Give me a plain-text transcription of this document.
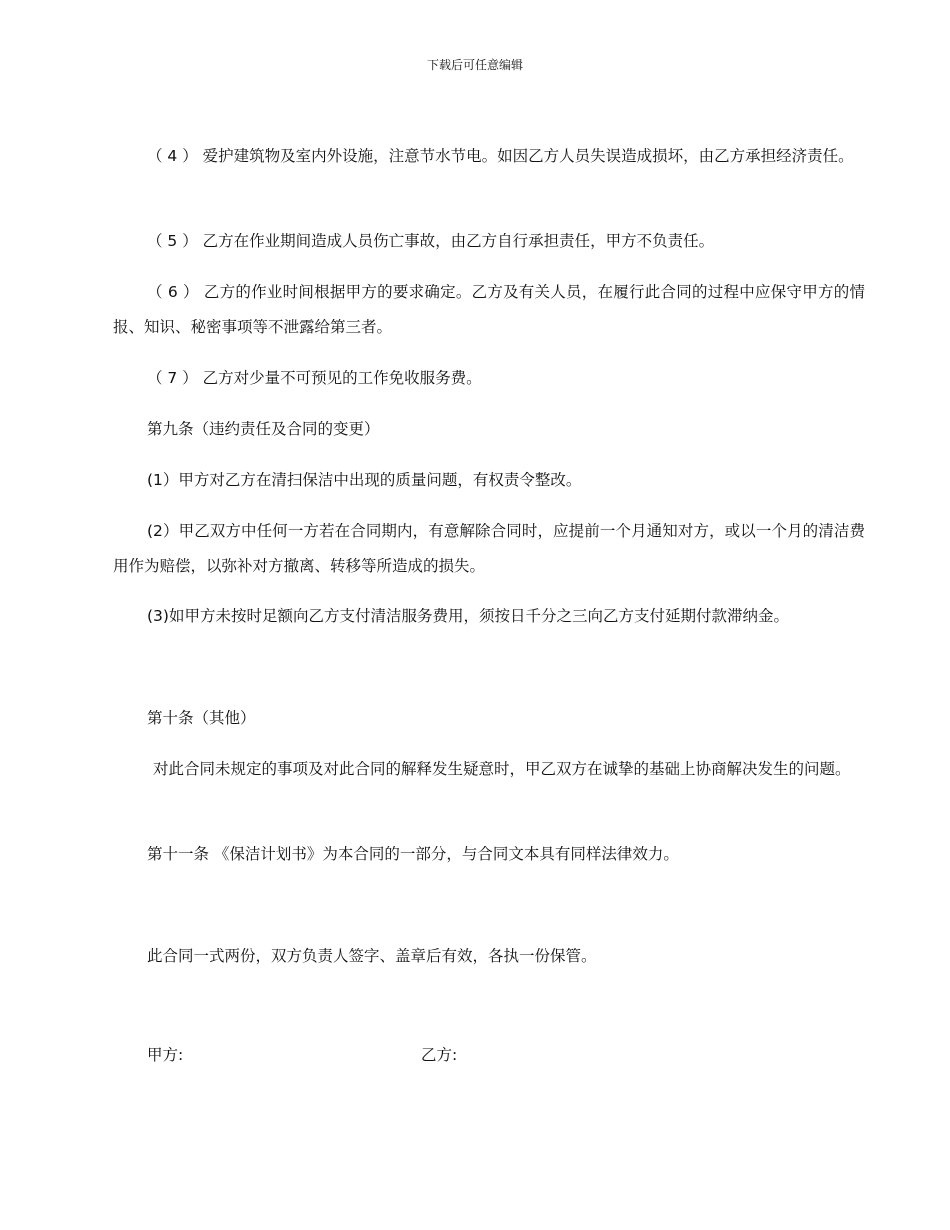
下载后可任意编辑

（ 4 ） 爱护建筑物及室内外设施，注意节水节电。如因乙方人员失误造成损坏，由乙方承担经济责任。

（ 5 ） 乙方在作业期间造成人员伤亡事故，由乙方自行承担责任，甲方不负责任。

（ 6 ） 乙方的作业时间根据甲方的要求确定。乙方及有关人员，在履行此合同的过程中应保守甲方的情报、知识、秘密事项等不泄露给第三者。

（ 7 ） 乙方对少量不可预见的工作免收服务费。

第九条（违约责任及合同的变更）

(1）甲方对乙方在清扫保洁中出现的质量问题，有权责令整改。

(2）甲乙双方中任何一方若在合同期内，有意解除合同时，应提前一个月通知对方，或以一个月的清洁费用作为赔偿，以弥补对方撤离、转移等所造成的损失。

(3)如甲方未按时足额向乙方支付清洁服务费用，须按日千分之三向乙方支付延期付款滞纳金。

第十条（其他）

对此合同未规定的事项及对此合同的解释发生疑意时，甲乙双方在诚挚的基础上协商解决发生的问题。

第十一条 《保洁计划书》为本合同的一部分，与合同文本具有同样法律效力。

此合同一式两份，双方负责人签字、盖章后有效，各执一份保管。

甲方:	乙方:
